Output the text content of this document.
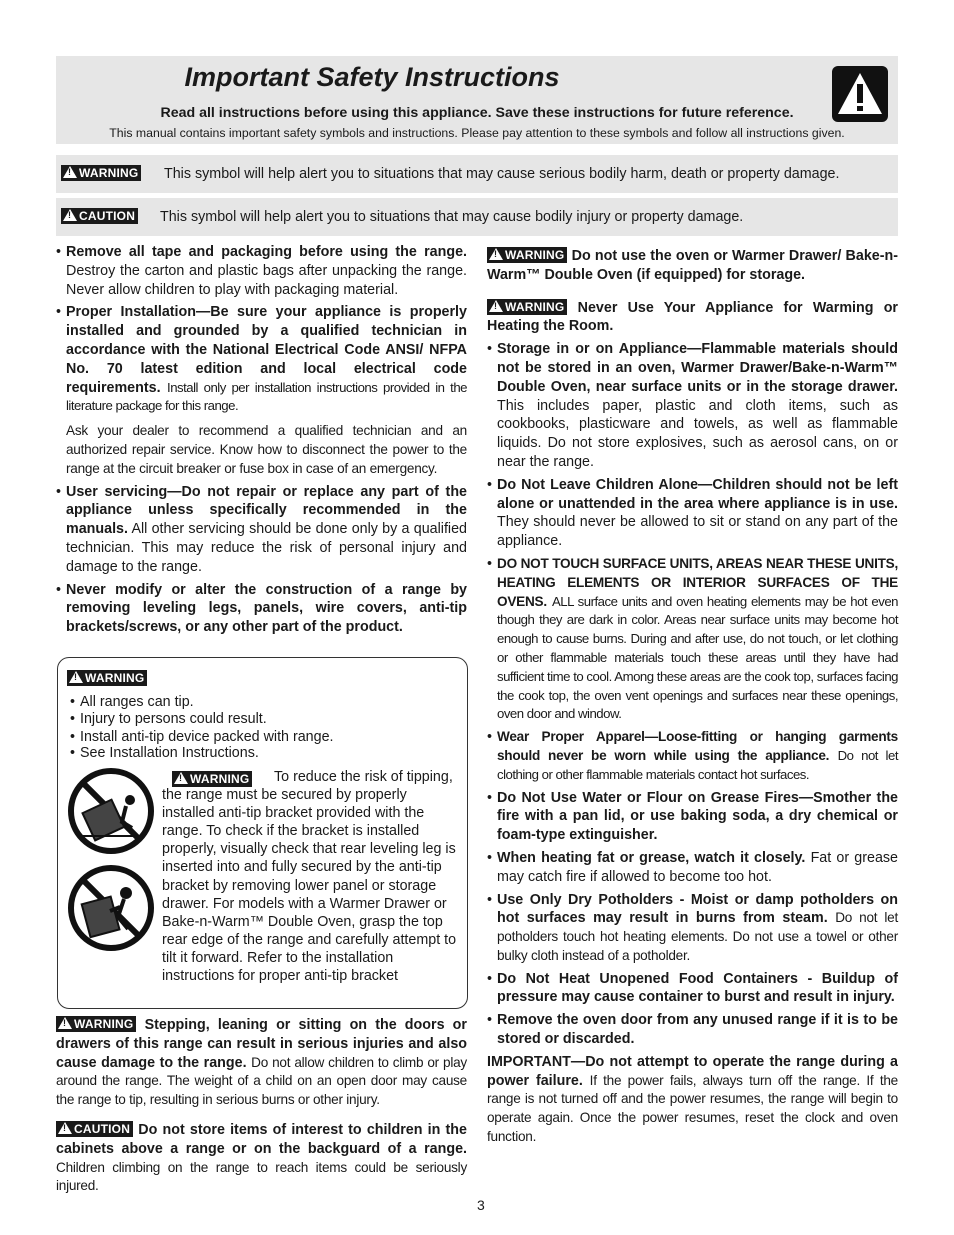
Important Safety Instructions
Read all instructions before using this appliance. Save these instructions for future reference.
This manual contains important safety symbols and instructions. Please pay attention to these symbols and follow all instructions given.
!WARNING This symbol will help alert you to situations that may cause serious bodily harm, death or property damage.
!CAUTION This symbol will help alert you to situations that may cause bodily injury or property damage.

• Remove all tape and packaging before using the range. Destroy the carton and plastic bags after unpacking the range. Never allow children to play with packaging material.

• Proper Installation—Be sure your appliance is properly installed and grounded by a qualified technician in accordance with the National Electrical Code ANSI/ NFPA No. 70 latest edition and local electrical code requirements. Install only per installation instructions provided in the literature package for this range.

Ask your dealer to recommend a qualified technician and an authorized repair service. Know how to disconnect the power to the range at the circuit breaker or fuse box in case of an emergency.

• User servicing—Do not repair or replace any part of the appliance unless specifically recommended in the manuals. All other servicing should be done only by a qualified technician. This may reduce the risk of personal injury and damage to the range.

• Never modify or alter the construction of a range by removing leveling legs, panels, wire covers, anti-tip brackets/screws, or any other part of the product.

!WARNING
• All ranges can tip.
• Injury to persons could result.
• Install anti-tip device packed with range.
• See Installation Instructions.
!WARNING	To reduce the risk of tipping, the range must be secured by properly installed anti-tip bracket provided with the range. To check if the bracket is installed properly, visually check that rear leveling leg is inserted into and fully secured by the anti-tip bracket by removing lower panel or storage drawer. For models with a Warmer Drawer or Bake-n-Warm™ Double Oven, grasp the top rear edge of the range and carefully attempt to tilt it forward. Refer to the installation instructions for proper anti-tip bracket

!WARNING Stepping, leaning or sitting on the doors or drawers of this range can result in serious injuries and also cause damage to the range. Do not allow children to climb or play around the range. The weight of a child on an open door may cause the range to tip, resulting in serious burns or other injury.

!CAUTION Do not store items of interest to children in the cabinets above a range or on the backguard of a range. Children climbing on the range to reach items could be seriously injured.

!WARNING Do not use the oven or Warmer Drawer/ Bake-n-Warm™ Double Oven (if equipped) for storage.

!WARNING Never Use Your Appliance for Warming or Heating the Room.

• Storage in or on Appliance—Flammable materials should not be stored in an oven, Warmer Drawer/Bake-n-Warm™ Double Oven, near surface units or in the storage drawer. This includes paper, plastic and cloth items, such as cookbooks, plasticware and towels, as well as flammable liquids. Do not store explosives, such as aerosol cans, on or near the range.

• Do Not Leave Children Alone—Children should not be left alone or unattended in the area where appliance is in use. They should never be allowed to sit or stand on any part of the appliance.

• DO NOT TOUCH SURFACE UNITS, AREAS NEAR THESE UNITS, HEATING ELEMENTS OR INTERIOR SURFACES OF THE OVENS. ALL surface units and oven heating elements may be hot even though they are dark in color. Areas near surface units may become hot enough to cause burns. During and after use, do not touch, or let clothing or other flammable materials touch these areas until they have had sufficient time to cool. Among these areas are the cook top, surfaces facing the cook top, the oven vent openings and surfaces near these openings, oven door and window.

• Wear Proper Apparel—Loose-fitting or hanging garments should never be worn while using the appliance. Do not let clothing or other flammable materials contact hot surfaces.

• Do Not Use Water or Flour on Grease Fires—Smother the fire with a pan lid, or use baking soda, a dry chemical or foam-type extinguisher.

• When heating fat or grease, watch it closely. Fat or grease may catch fire if allowed to become too hot.

• Use Only Dry Potholders - Moist or damp potholders on hot surfaces may result in burns from steam. Do not let potholders touch hot heating elements. Do not use a towel or other bulky cloth instead of a potholder.

• Do Not Heat Unopened Food Containers - Buildup of pressure may cause container to burst and result in injury.

• Remove the oven door from any unused range if it is to be stored or discarded.

IMPORTANT—Do not attempt to operate the range during a power failure. If the power fails, always turn off the range. If the range is not turned off and the power resumes, the range will begin to operate again. Once the power resumes, reset the clock and oven function.

3
